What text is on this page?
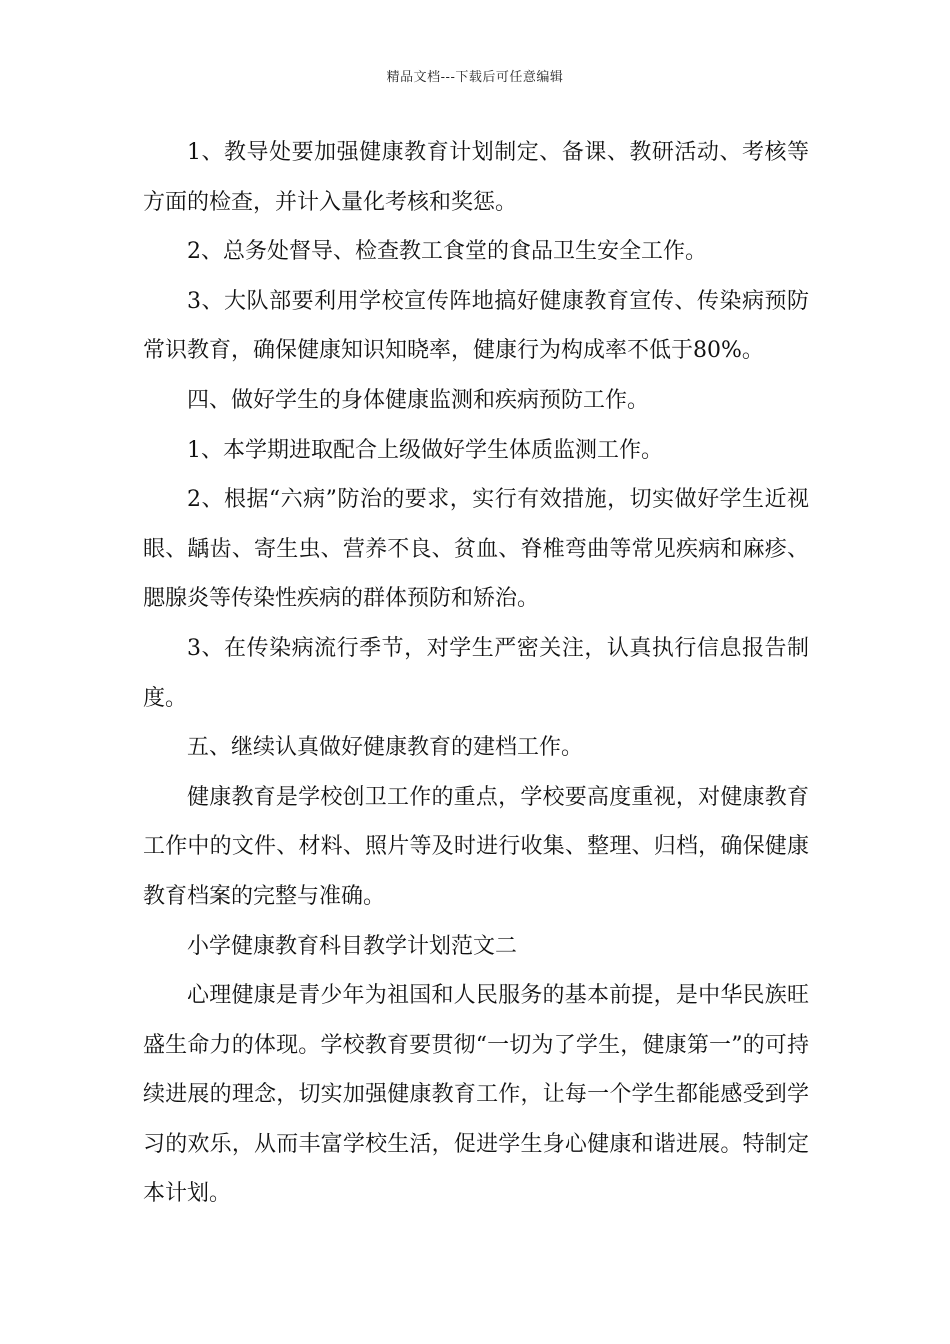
精品文档---下载后可任意编辑

1、教导处要加强健康教育计划制定、备课、教研活动、考核等方面的检查，并计入量化考核和奖惩。

2、总务处督导、检查教工食堂的食品卫生安全工作。

3、大队部要利用学校宣传阵地搞好健康教育宣传、传染病预防常识教育，确保健康知识知晓率，健康行为构成率不低于80%。

四、做好学生的身体健康监测和疾病预防工作。

1、本学期进取配合上级做好学生体质监测工作。

2、根据“六病”防治的要求，实行有效措施，切实做好学生近视眼、龋齿、寄生虫、营养不良、贫血、脊椎弯曲等常见疾病和麻疹、腮腺炎等传染性疾病的群体预防和矫治。

3、在传染病流行季节，对学生严密关注，认真执行信息报告制度。

五、继续认真做好健康教育的建档工作。

健康教育是学校创卫工作的重点，学校要高度重视，对健康教育工作中的文件、材料、照片等及时进行收集、整理、归档，确保健康教育档案的完整与准确。

小学健康教育科目教学计划范文二

心理健康是青少年为祖国和人民服务的基本前提，是中华民族旺盛生命力的体现。学校教育要贯彻“一切为了学生，健康第一”的可持续进展的理念，切实加强健康教育工作，让每一个学生都能感受到学习的欢乐，从而丰富学校生活，促进学生身心健康和谐进展。特制定本计划。
